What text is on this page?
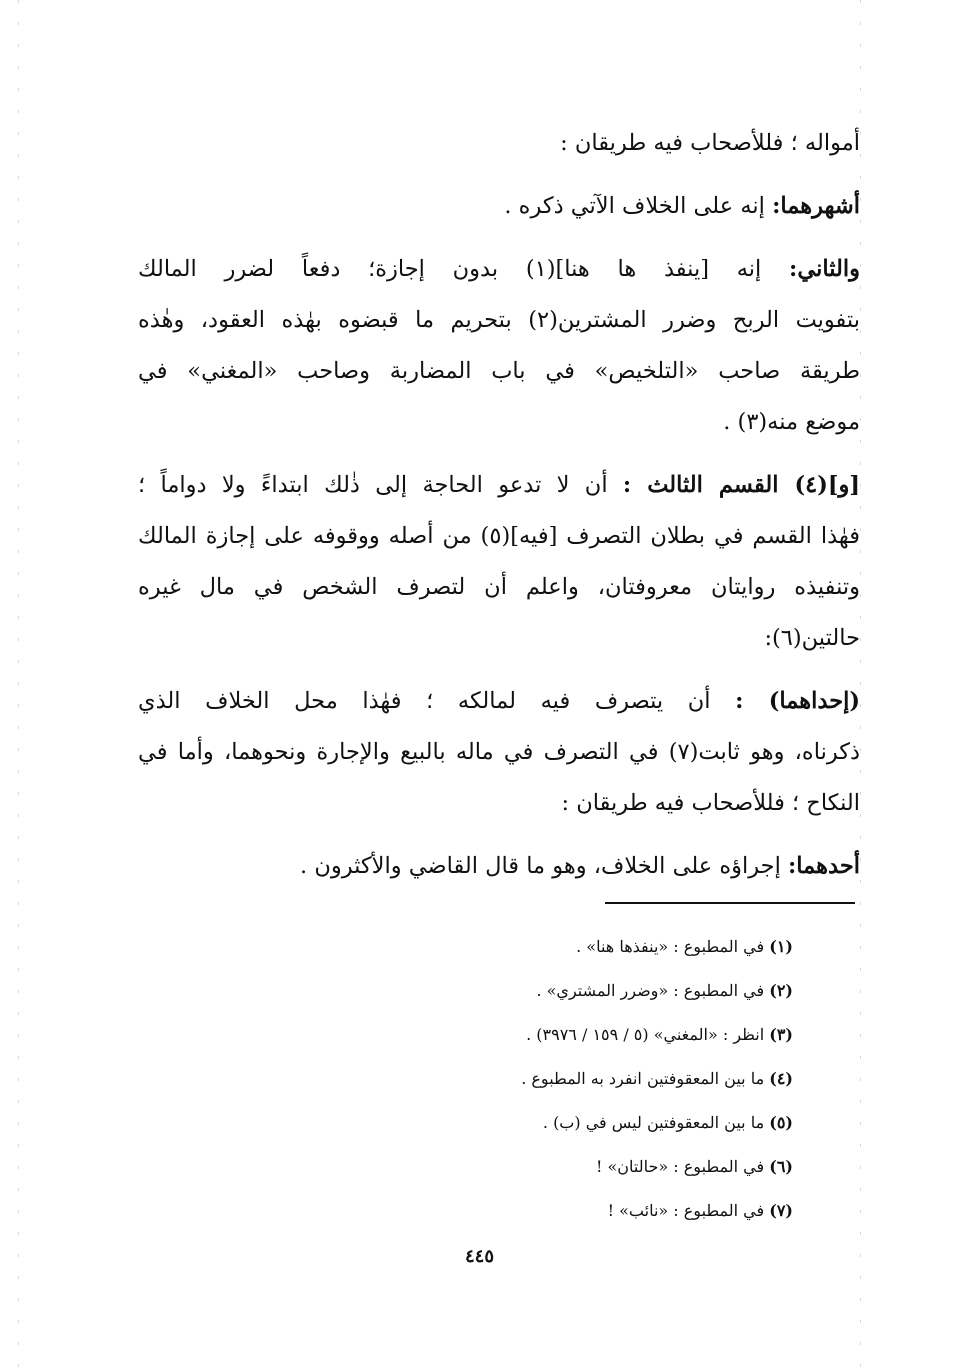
أمواله ؛ فللأصحاب فيه طريقان :
أشهرهما: إنه على الخلاف الآتي ذكره .
والثاني: إنه [ينفذ ها هنا](١) بدون إجازة؛ دفعاً لضرر المالك
بتفويت الربح وضرر المشترين(٢) بتحريم ما قبضوه بهٰذه العقود، وهٰذه
طريقة صاحب «التلخيص» في باب المضاربة وصاحب «المغني» في
موضع منه(٣) .
[و](٤) القسم الثالث : أن لا تدعو الحاجة إلى ذٰلك ابتداءً ولا دواماً ؛
فهٰذا القسم في بطلان التصرف [فيه](٥) من أصله ووقوفه على إجازة المالك
وتنفيذه روايتان معروفتان، واعلم أن لتصرف الشخص في مال غيره
حالتين(٦):
(إحداهما) : أن يتصرف فيه لمالكه ؛ فهٰذا محل الخلاف الذي
ذكرناه، وهو ثابت(٧) في التصرف في ماله بالبيع والإجارة ونحوهما، وأما في
النكاح ؛ فللأصحاب فيه طريقان :
أحدهما: إجراؤه على الخلاف، وهو ما قال القاضي والأكثرون .
(١) في المطبوع : «ينفذها هنا» .
(٢) في المطبوع : «وضرر المشتري» .
(٣) انظر : «المغني» (٥ / ١٥٩ / ٣٩٧٦) .
(٤) ما بين المعقوفتين انفرد به المطبوع .
(٥) ما بين المعقوفتين ليس في (ب) .
(٦) في المطبوع : «حالتان» !
(٧) في المطبوع : «نائب» !
٤٤٥
